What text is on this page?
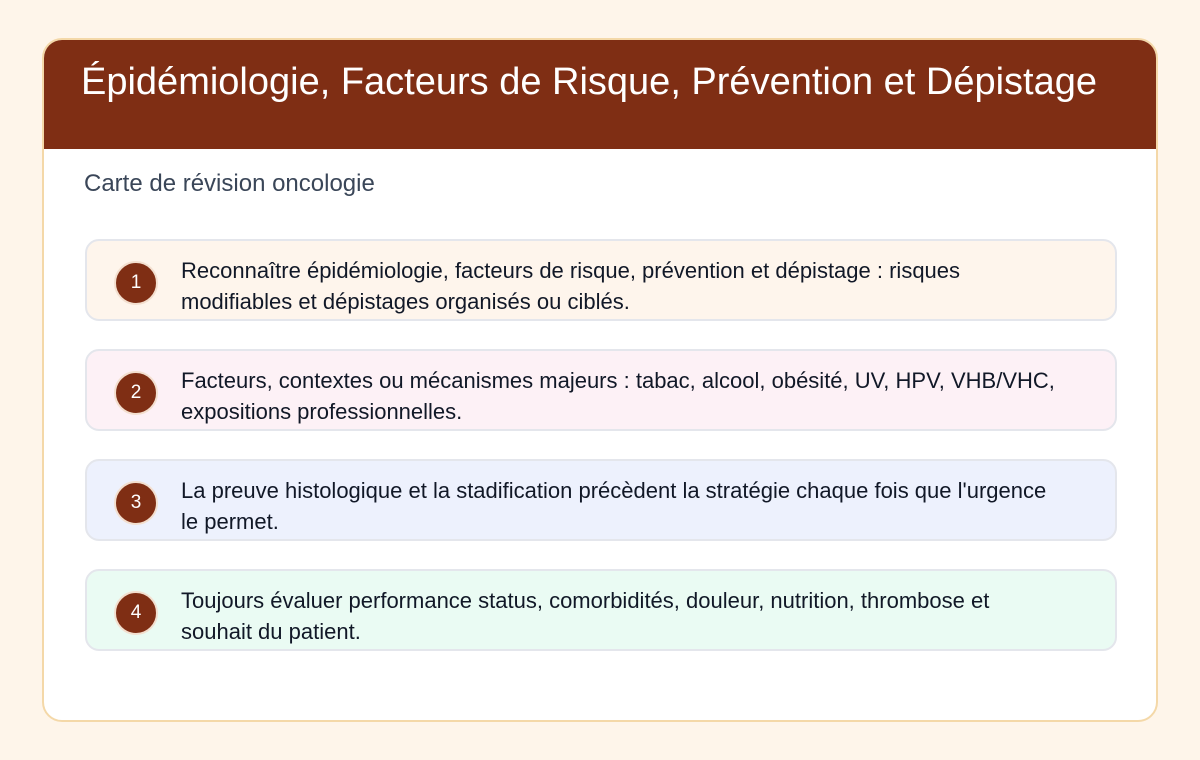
Épidémiologie, Facteurs de Risque, Prévention et Dépistage

Carte de révision oncologie

1	Reconnaître épidémiologie, facteurs de risque, prévention et dépistage : risques modifiables et dépistages organisés ou ciblés.

2	Facteurs, contextes ou mécanismes majeurs : tabac, alcool, obésité, UV, HPV, VHB/VHC, expositions professionnelles.

3	La preuve histologique et la stadification précèdent la stratégie chaque fois que l'urgence le permet.

4	Toujours évaluer performance status, comorbidités, douleur, nutrition, thrombose et souhait du patient.
